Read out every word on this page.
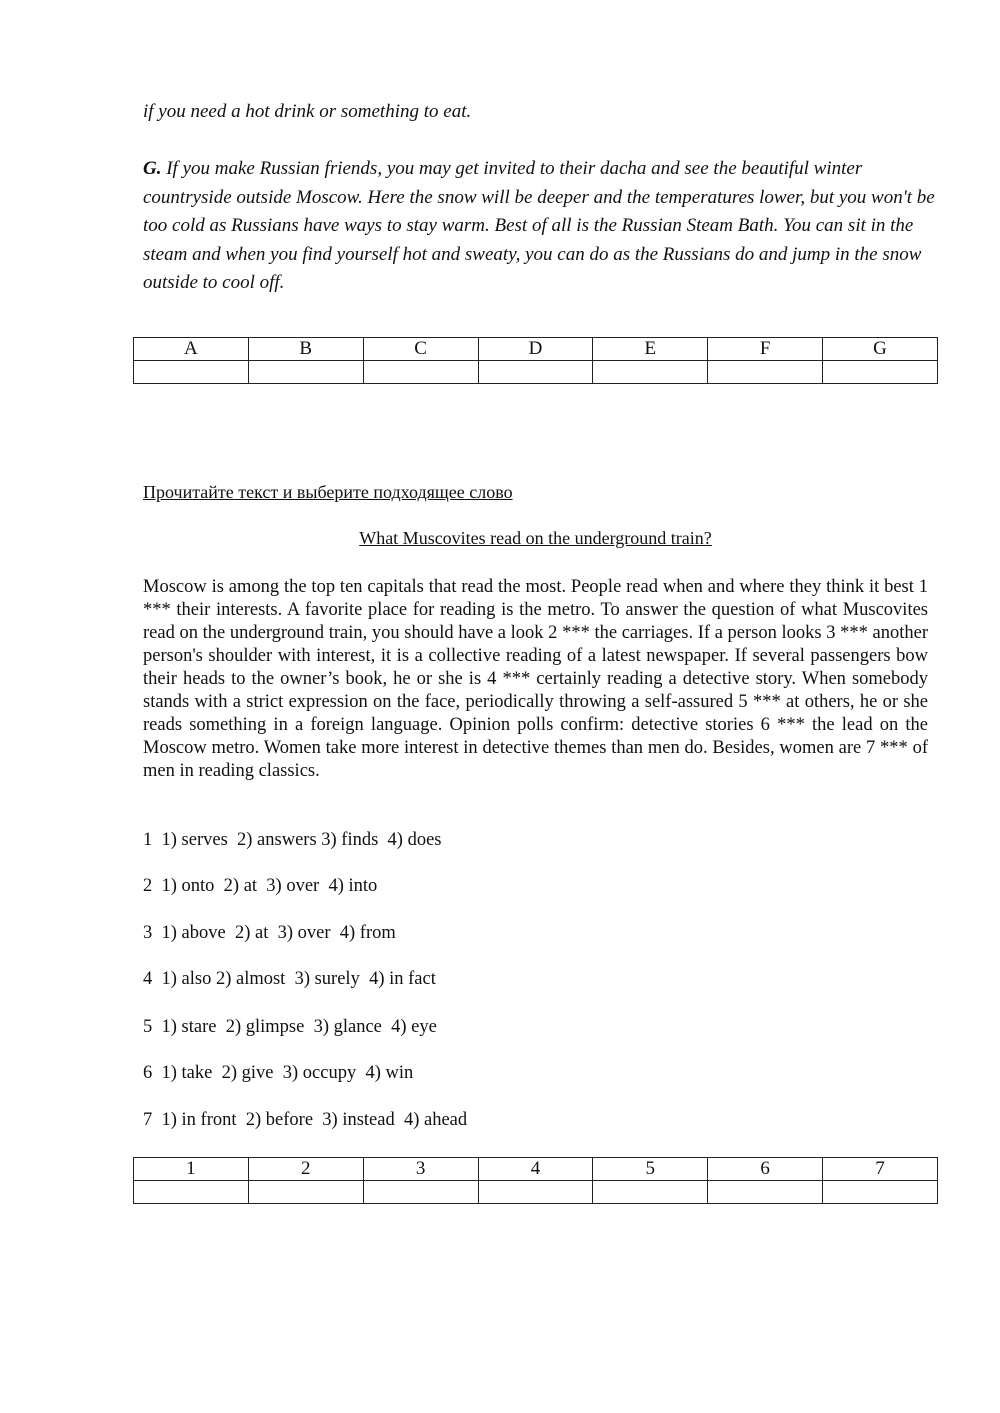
if you need a hot drink or something to eat.
G. If you make Russian friends, you may get invited to their dacha and see the beautiful winter countryside outside Moscow. Here the snow will be deeper and the temperatures lower, but you won't be too cold as Russians have ways to stay warm. Best of all is the Russian Steam Bath. You can sit in the steam and when you find yourself hot and sweaty, you can do as the Russians do and jump in the snow outside to cool off.
A	B	C	D	E	F	G

Прочитайте текст и выберите подходящее слово
What Muscovites read on the underground train?
Moscow is among the top ten capitals that read the most. People read when and where they think it best 1 *** their interests. A favorite place for reading is the metro. To answer the question of what Muscovites read on the underground train, you should have a look 2 *** the carriages. If a person looks 3 *** another person's shoulder with interest, it is a collective reading of a latest newspaper. If several passengers bow their heads to the owner’s book, he or she is 4 *** certainly reading a detective story. When somebody stands with a strict expression on the face, periodically throwing a self-assured 5 *** at others, he or she reads something in a foreign language. Opinion polls confirm: detective stories 6 *** the lead on the Moscow metro. Women take more interest in detective themes than men do. Besides, women are 7 *** of men in reading classics.
1  1) serves  2) answers 3) finds  4) does
2  1) onto  2) at  3) over  4) into
3  1) above  2) at  3) over  4) from
4  1) also 2) almost  3) surely  4) in fact
5  1) stare  2) glimpse  3) glance  4) eye
6  1) take  2) give  3) occupy  4) win
7  1) in front  2) before  3) instead  4) ahead
1	2	3	4	5	6	7
